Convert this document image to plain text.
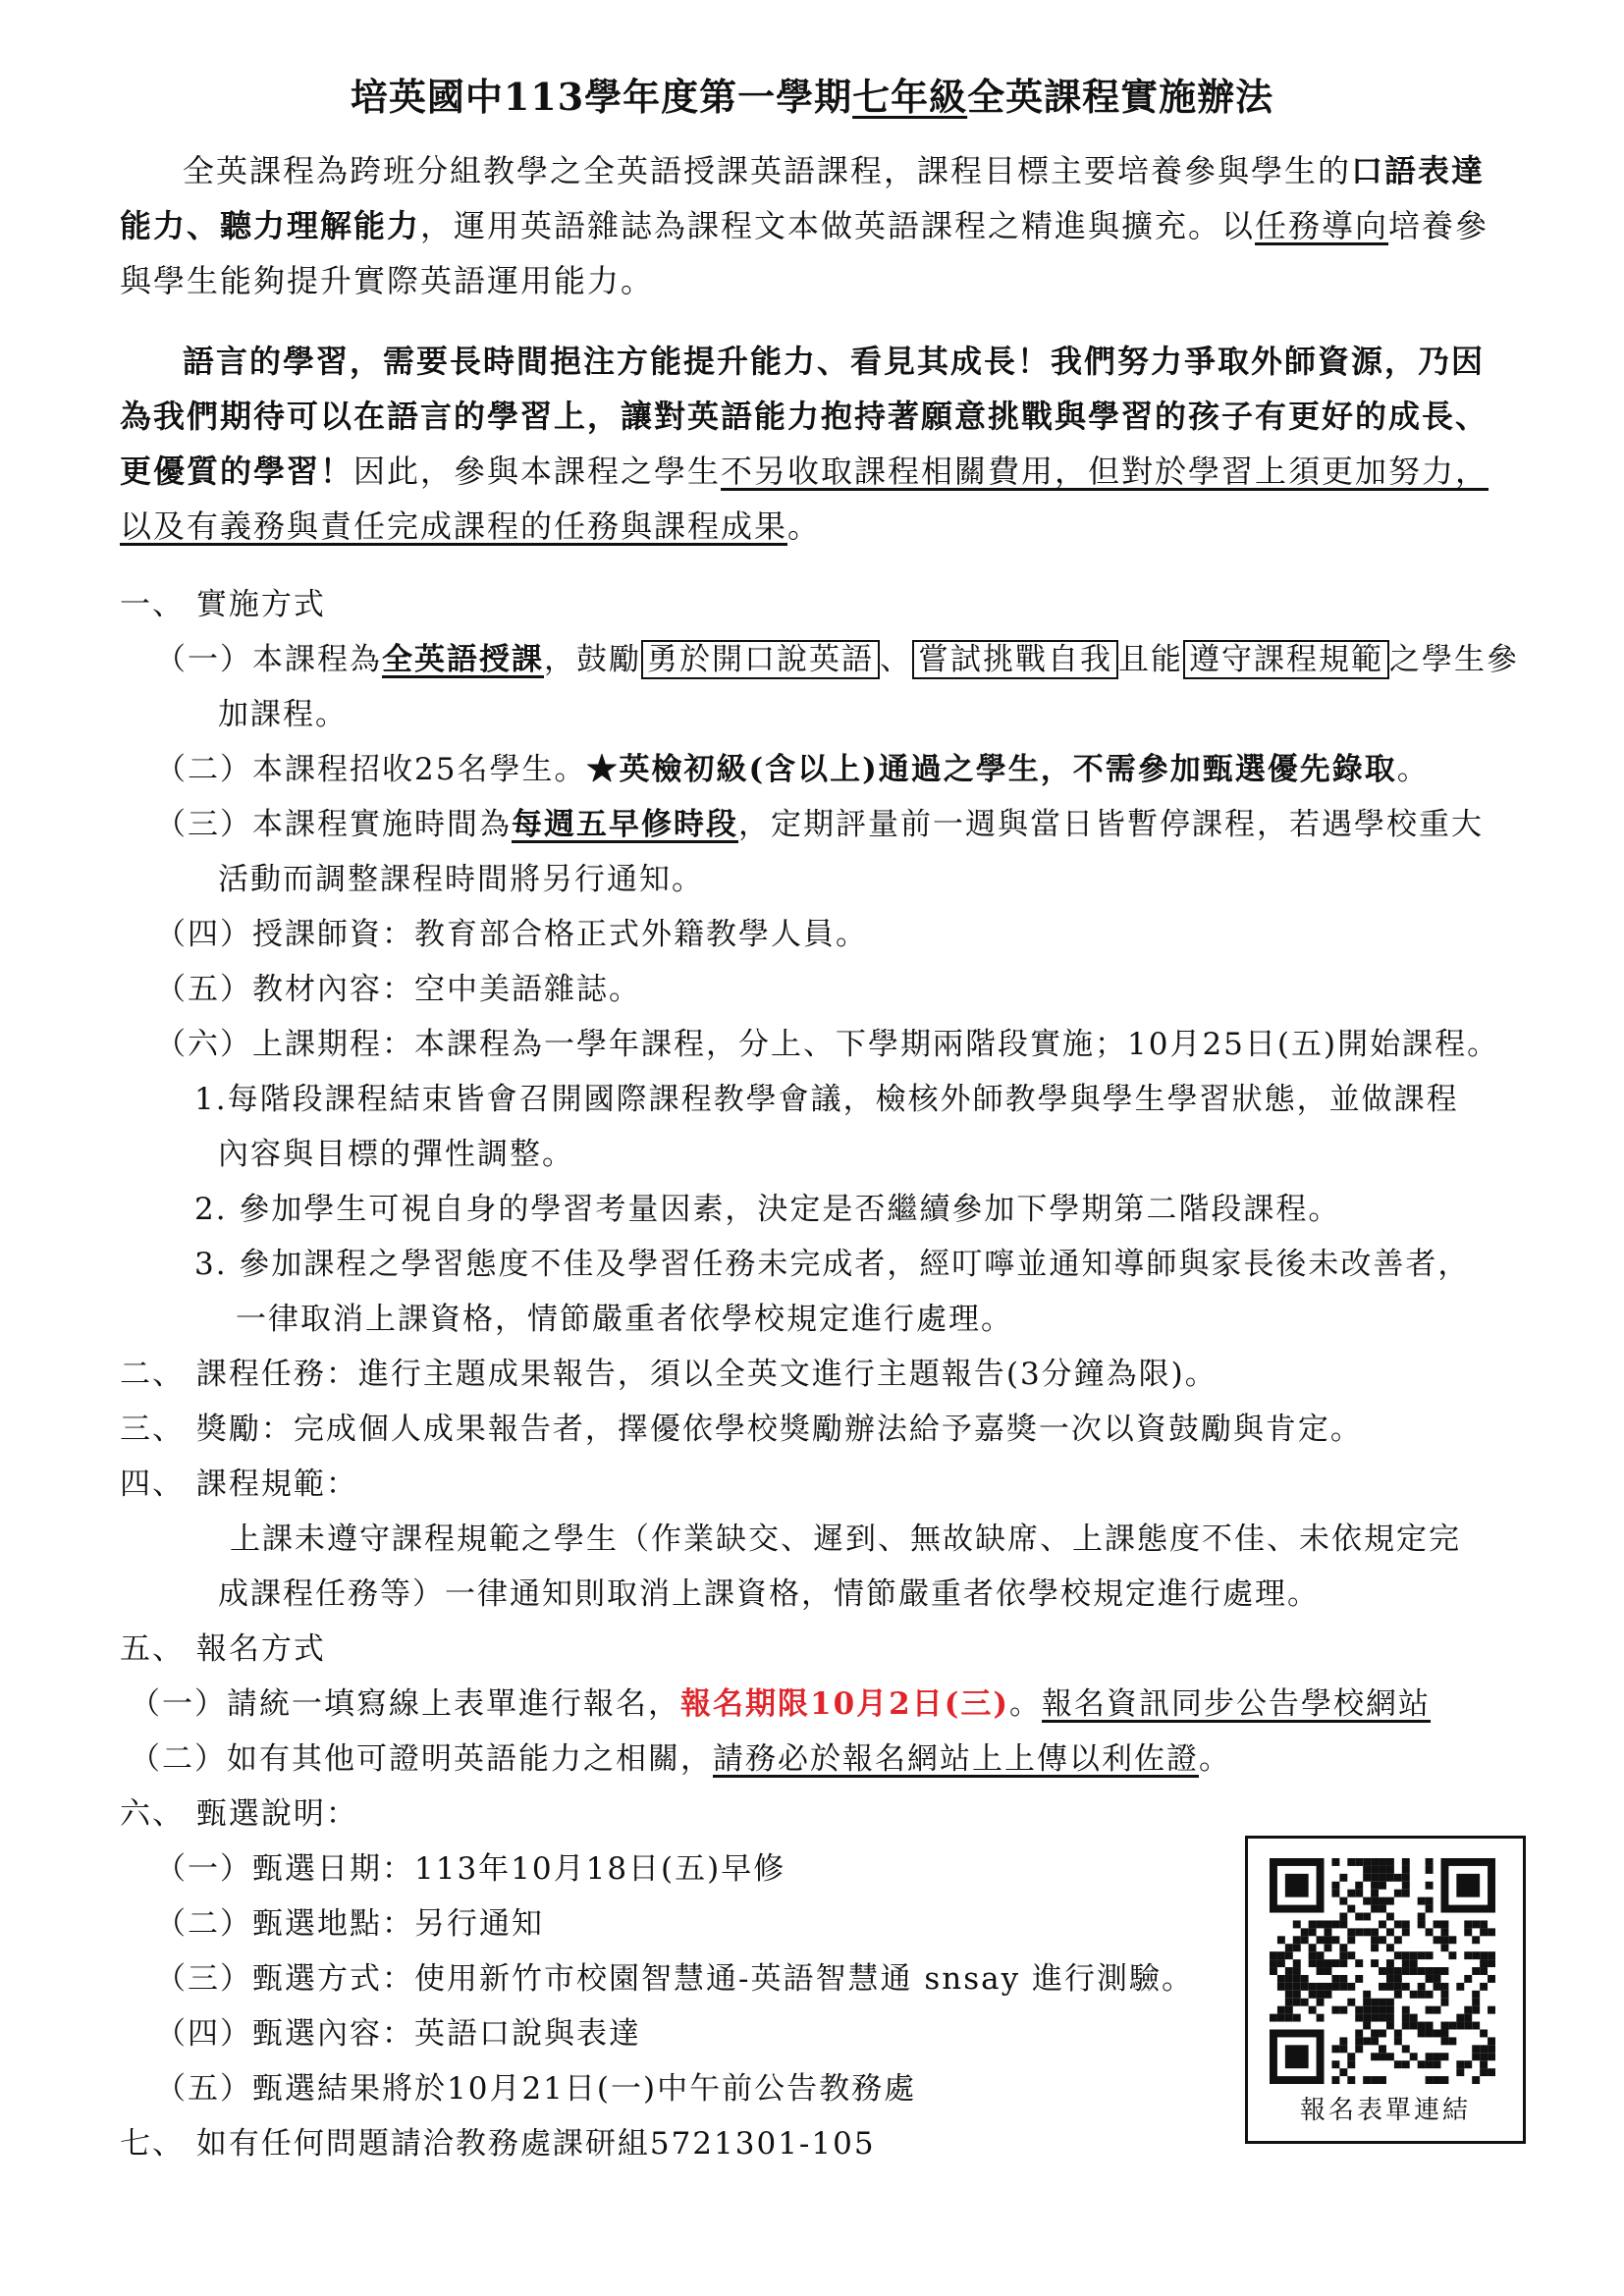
培英國中113學年度第一學期七年級全英課程實施辦法
全英課程為跨班分組教學之全英語授課英語課程，課程目標主要培養參與學生的口語表達能力、聽力理解能力，運用英語雜誌為課程文本做英語課程之精進與擴充。以任務導向培養參與學生能夠提升實際英語運用能力。
語言的學習，需要長時間挹注方能提升能力、看見其成長！我們努力爭取外師資源，乃因為我們期待可以在語言的學習上，讓對英語能力抱持著願意挑戰與學習的孩子有更好的成長、更優質的學習！因此，參與本課程之學生不另收取課程相關費用，但對於學習上須更加努力，以及有義務與責任完成課程的任務與課程成果。
一、 實施方式
（一）本課程為全英語授課，鼓勵 勇於開口說英語 、 嘗試挑戰自我 且能 遵守課程規範 之學生參
加課程。
（二）本課程招收25名學生。★英檢初級(含以上)通過之學生，不需參加甄選優先錄取。
（三）本課程實施時間為每週五早修時段，定期評量前一週與當日皆暫停課程，若遇學校重大
活動而調整課程時間將另行通知。
（四）授課師資：教育部合格正式外籍教學人員。
（五）教材內容：空中美語雜誌。
（六）上課期程：本課程為一學年課程，分上、下學期兩階段實施；10月25日(五)開始課程。
1.每階段課程結束皆會召開國際課程教學會議，檢核外師教學與學生學習狀態，並做課程
內容與目標的彈性調整。
2. 參加學生可視自身的學習考量因素，決定是否繼續參加下學期第二階段課程。
3. 參加課程之學習態度不佳及學習任務未完成者，經叮嚀並通知導師與家長後未改善者，
一律取消上課資格，情節嚴重者依學校規定進行處理。
二、 課程任務：進行主題成果報告，須以全英文進行主題報告(3分鐘為限)。
三、 獎勵：完成個人成果報告者，擇優依學校獎勵辦法給予嘉獎一次以資鼓勵與肯定。
四、 課程規範：
上課未遵守課程規範之學生（作業缺交、遲到、無故缺席、上課態度不佳、未依規定完
成課程任務等）一律通知則取消上課資格，情節嚴重者依學校規定進行處理。
五、 報名方式
（一）請統一填寫線上表單進行報名，報名期限10月2日(三)。報名資訊同步公告學校網站
（二）如有其他可證明英語能力之相關，請務必於報名網站上上傳以利佐證。
六、 甄選說明：
（一）甄選日期：113年10月18日(五)早修
（二）甄選地點：另行通知
（三）甄選方式：使用新竹市校園智慧通-英語智慧通 snsay 進行測驗。
（四）甄選內容：英語口說與表達
（五）甄選結果將於10月21日(一)中午前公告教務處
七、 如有任何問題請洽教務處課研組5721301-105
報名表單連結
